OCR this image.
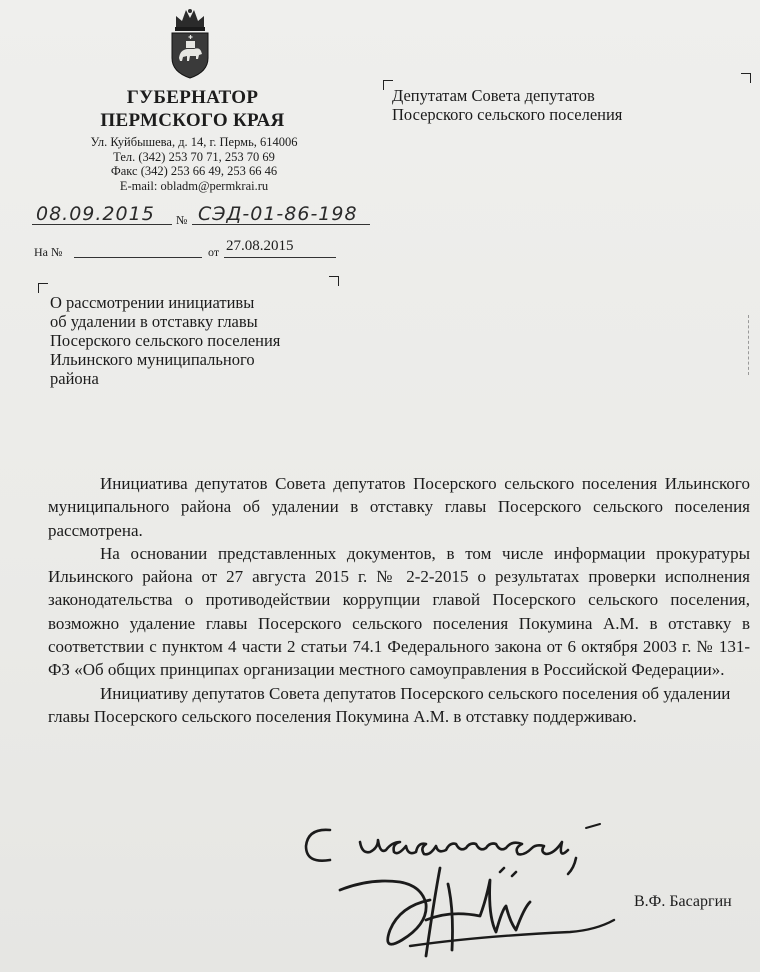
ГУБЕРНАТОР
ПЕРМСКОГО КРАЯ
Ул. Куйбышева, д. 14, г. Пермь, 614006
Тел. (342) 253 70 71, 253 70 69
Факс (342) 253 66 49, 253 66 46
E-mail: obladm@permkrai.ru
08.09.2015 № СЭД-01-86-198
На №	от 27.08.2015
Депутатам Совета депутатов
Посерского сельского поселения
О рассмотрении инициативы
об удалении в отставку главы
Посерского сельского поселения
Ильинского муниципального
района

Инициатива депутатов Совета депутатов Посерского сельского поселения Ильинского муниципального района об удалении в отставку главы Посерского сельского поселения рассмотрена.

На основании представленных документов, в том числе информации прокуратуры Ильинского района от 27 августа 2015 г. № 2-2-2015 о результатах проверки исполнения законодательства о противодействии коррупции главой Посерского сельского поселения, возможно удаление главы Посерского сельского поселения Покумина А.М. в отставку в соответствии с пунктом 4 части 2 статьи 74.1 Федерального закона от 6 октября 2003 г. № 131-ФЗ «Об общих принципах организации местного самоуправления в Российской Федерации».

Инициативу депутатов Совета депутатов Посерского сельского поселения об удалении главы Посерского сельского поселения Покумина А.М. в отставку поддерживаю.

В.Ф. Басаргин
